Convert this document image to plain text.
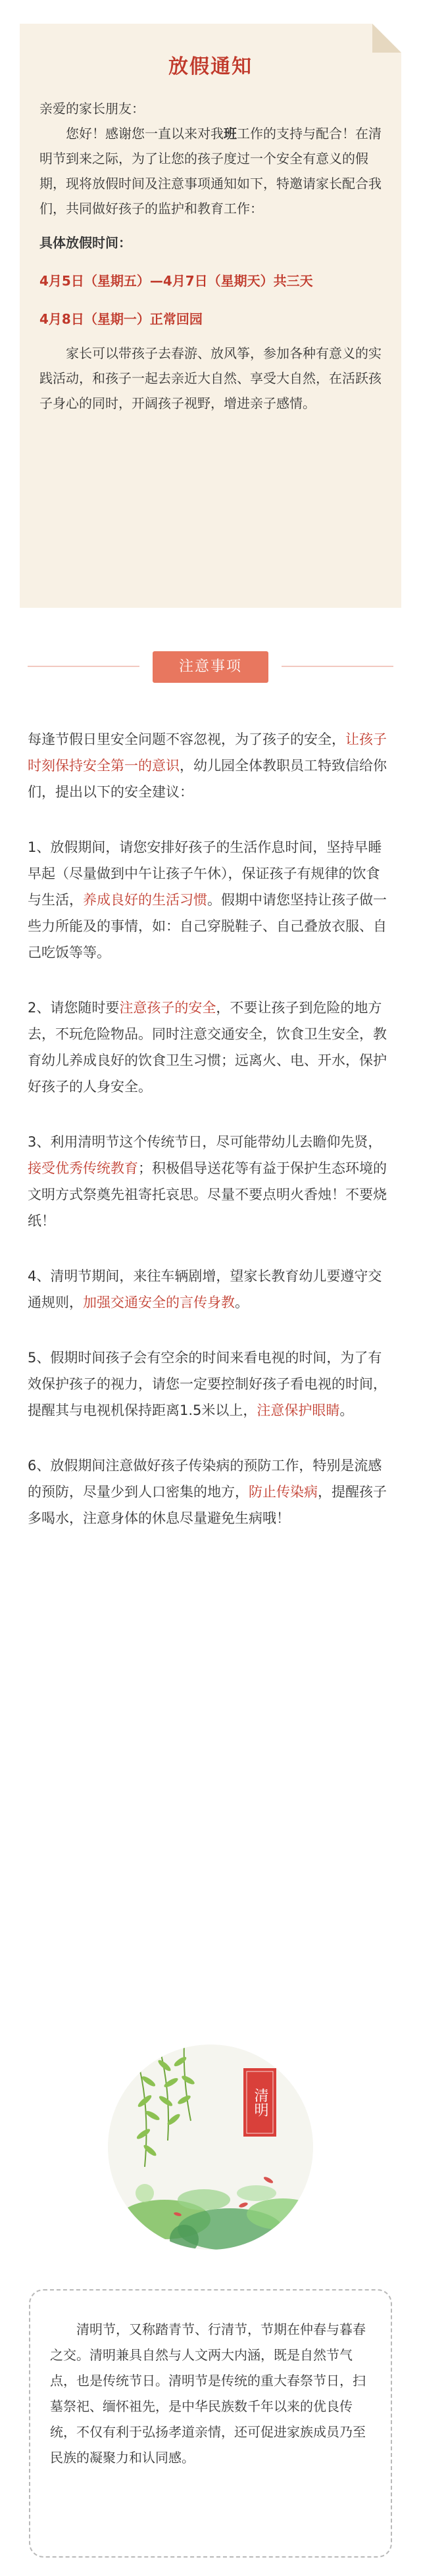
放假通知

亲爱的家长朋友：

您好！感谢您一直以来对我班工作的支持与配合！在清明节到来之际，为了让您的孩子度过一个安全有意义的假期，现将放假时间及注意事项通知如下，特邀请家长配合我们，共同做好孩子的监护和教育工作：

具体放假时间：

4月5日（星期五）—4月7日（星期天）共三天

4月8日（星期一）正常回园

家长可以带孩子去春游、放风筝，参加各种有意义的实践活动，和孩子一起去亲近大自然、享受大自然，在活跃孩子身心的同时，开阔孩子视野，增进亲子感情。

注意事项

每逢节假日里安全问题不容忽视，为了孩子的安全，让孩子时刻保持安全第一的意识，幼儿园全体教职员工特致信给你们，提出以下的安全建议：

1、放假期间，请您安排好孩子的生活作息时间，坚持早睡早起（尽量做到中午让孩子午休），保证孩子有规律的饮食与生活，养成良好的生活习惯。假期中请您坚持让孩子做一些力所能及的事情，如：自己穿脱鞋子、自己叠放衣服、自己吃饭等等。

2、请您随时要注意孩子的安全，不要让孩子到危险的地方去，不玩危险物品。同时注意交通安全，饮食卫生安全，教育幼儿养成良好的饮食卫生习惯；远离火、电、开水，保护好孩子的人身安全。

3、利用清明节这个传统节日，尽可能带幼儿去瞻仰先贤，接受优秀传统教育；积极倡导送花等有益于保护生态环境的文明方式祭奠先祖寄托哀思。尽量不要点明火香烛！不要烧纸！

4、清明节期间，来往车辆剧增，望家长教育幼儿要遵守交通规则，加强交通安全的言传身教。

5、假期时间孩子会有空余的时间来看电视的时间，为了有效保护孩子的视力，请您一定要控制好孩子看电视的时间，提醒其与电视机保持距离1.5米以上，注意保护眼睛。

6、放假期间注意做好孩子传染病的预防工作，特别是流感的预防，尽量少到人口密集的地方，防止传染病，提醒孩子多喝水，注意身体的休息尽量避免生病哦！

清明

清明节，又称踏青节、行清节，节期在仲春与暮春之交。清明兼具自然与人文两大内涵，既是自然节气点，也是传统节日。清明节是传统的重大春祭节日，扫墓祭祀、缅怀祖先，是中华民族数千年以来的优良传统，不仅有利于弘扬孝道亲情，还可促进家族成员乃至民族的凝聚力和认同感。
